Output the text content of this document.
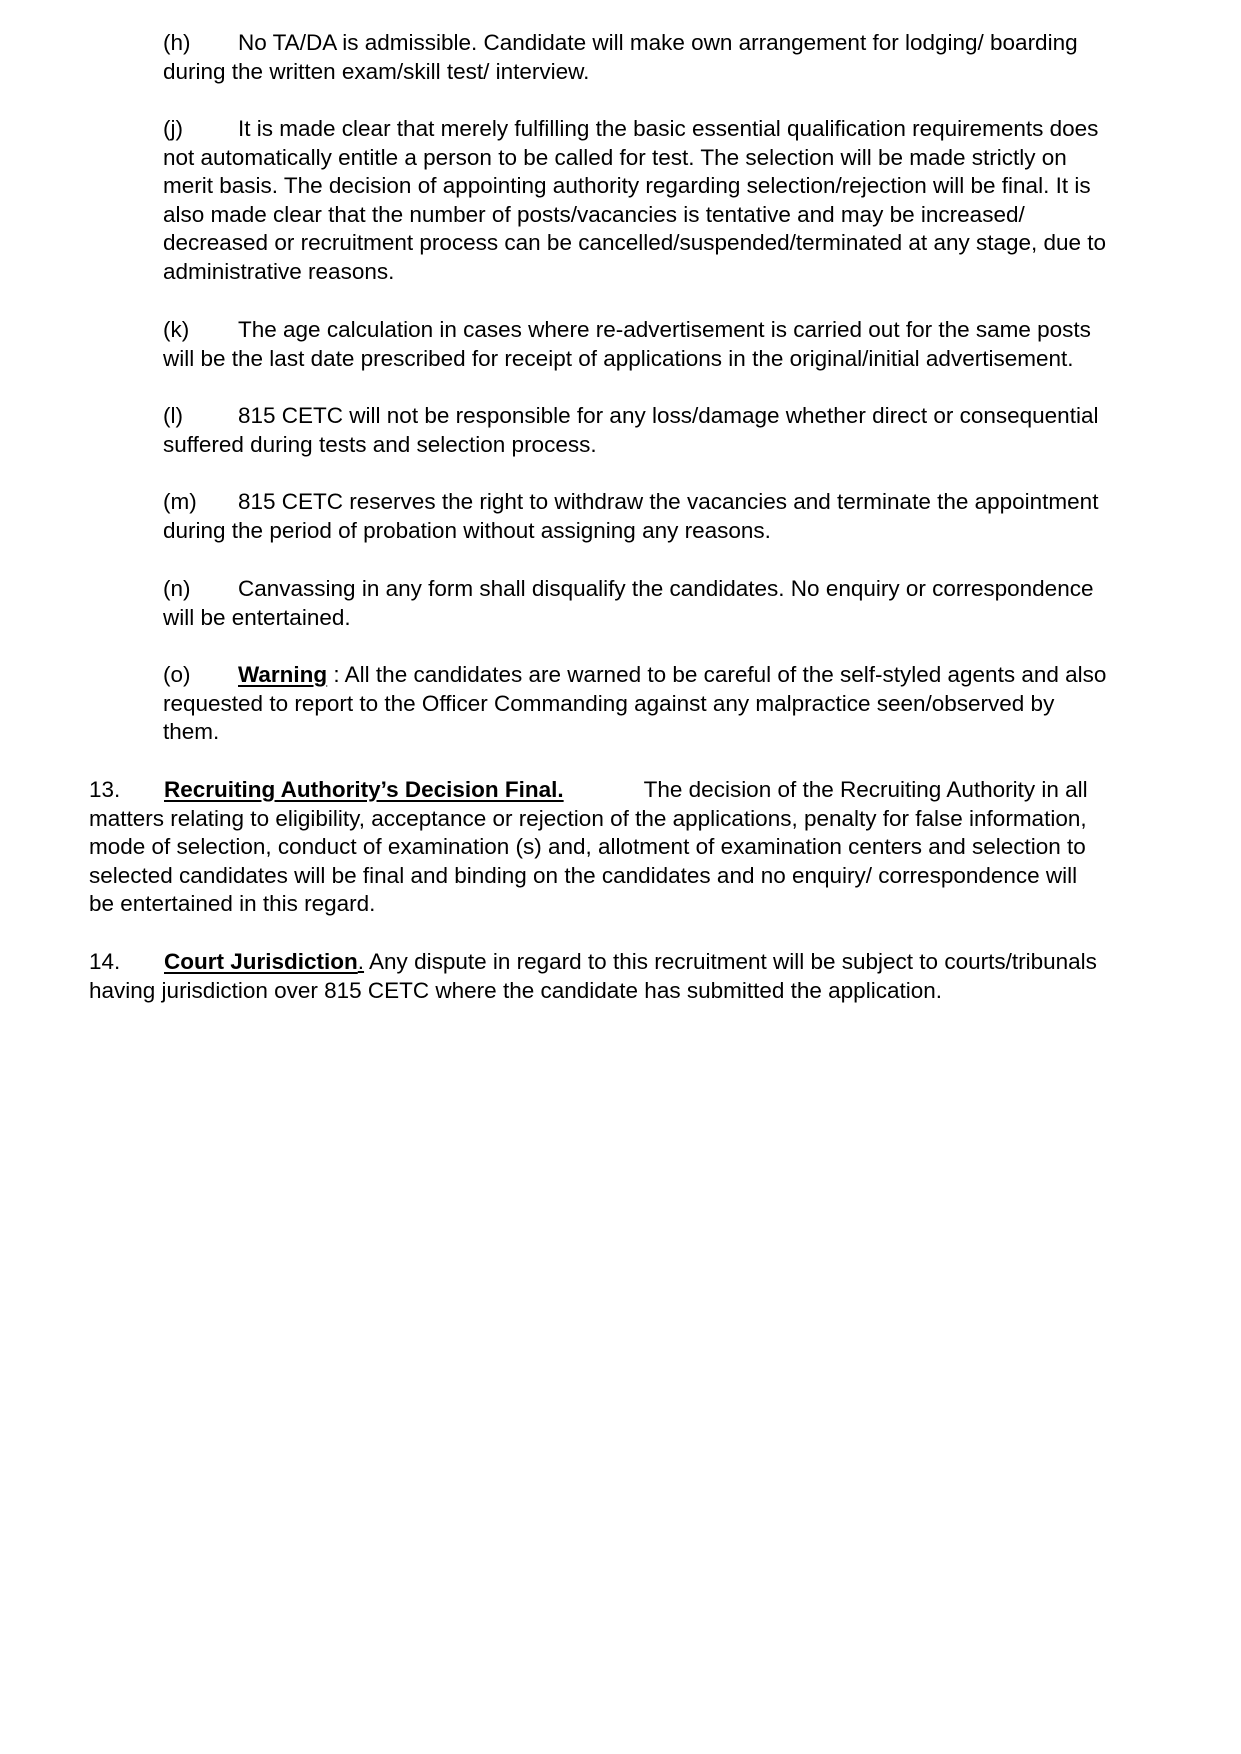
(h) No TA/DA is admissible. Candidate will make own arrangement for lodging/ boarding
during the written exam/skill test/ interview.
(j) It is made clear that merely fulfilling the basic essential qualification requirements does
not automatically entitle a person to be called for test. The selection will be made strictly on
merit basis. The decision of appointing authority regarding selection/rejection will be final. It is
also made clear that the number of posts/vacancies is tentative and may be increased/
decreased or recruitment process can be cancelled/suspended/terminated at any stage, due to
administrative reasons.
(k) The age calculation in cases where re-advertisement is carried out for the same posts
will be the last date prescribed for receipt of applications in the original/initial advertisement.
(l) 815 CETC will not be responsible for any loss/damage whether direct or consequential
suffered during tests and selection process.
(m) 815 CETC reserves the right to withdraw the vacancies and terminate the appointment
during the period of probation without assigning any reasons.
(n) Canvassing in any form shall disqualify the candidates. No enquiry or correspondence
will be entertained.
(o) Warning : All the candidates are warned to be careful of the self-styled agents and also
requested to report to the Officer Commanding against any malpractice seen/observed by
them.
13. Recruiting Authority’s Decision Final.	The decision of the Recruiting Authority in all
matters relating to eligibility, acceptance or rejection of the applications, penalty for false information,
mode of selection, conduct of examination (s) and, allotment of examination centers and selection to
selected candidates will be final and binding on the candidates and no enquiry/ correspondence will
be entertained in this regard.
14. Court Jurisdiction. Any dispute in regard to this recruitment will be subject to courts/tribunals
having jurisdiction over 815 CETC where the candidate has submitted the application.
